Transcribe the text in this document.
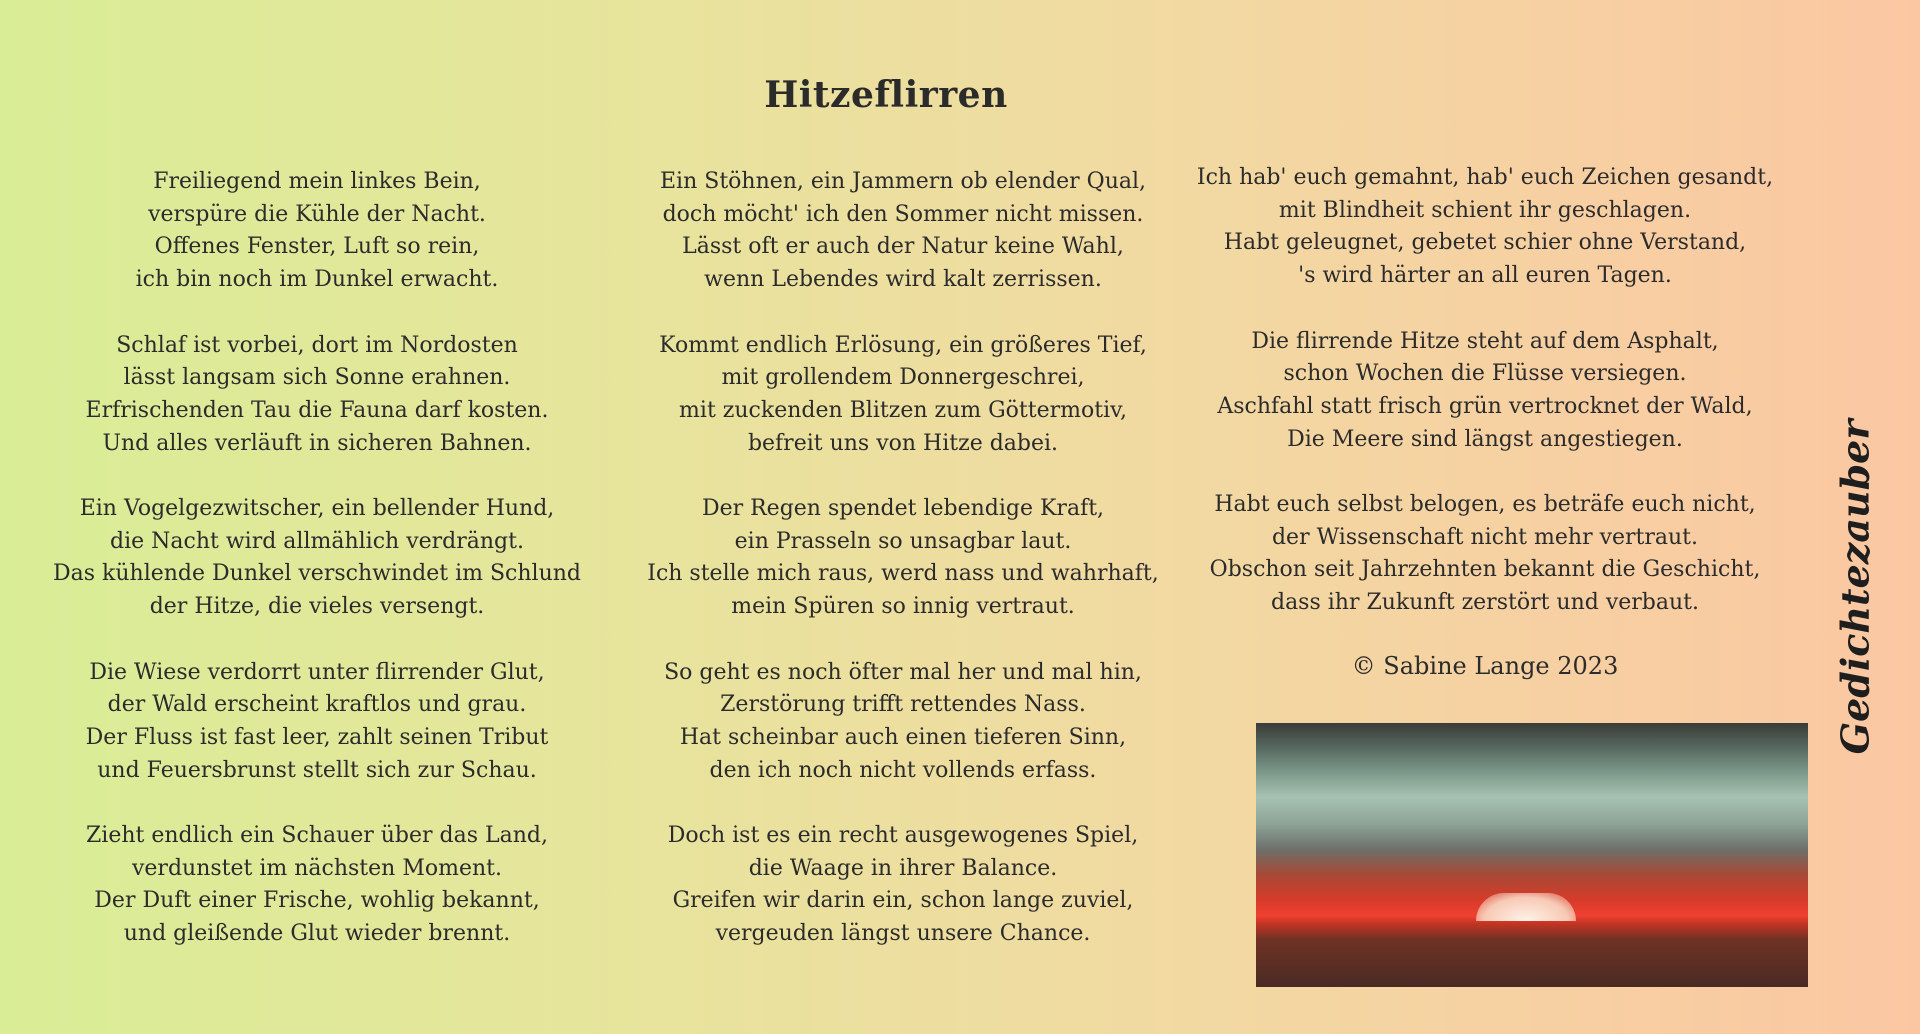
Hitzeflirren
Freiliegend mein linkes Bein,
verspüre die Kühle der Nacht.
Offenes Fenster, Luft so rein,
ich bin noch im Dunkel erwacht.
Schlaf ist vorbei, dort im Nordosten
lässt langsam sich Sonne erahnen.
Erfrischenden Tau die Fauna darf kosten.
Und alles verläuft in sicheren Bahnen.
Ein Vogelgezwitscher, ein bellender Hund,
die Nacht wird allmählich verdrängt.
Das kühlende Dunkel verschwindet im Schlund
der Hitze, die vieles versengt.
Die Wiese verdorrt unter flirrender Glut,
der Wald erscheint kraftlos und grau.
Der Fluss ist fast leer, zahlt seinen Tribut
und Feuersbrunst stellt sich zur Schau.
Zieht endlich ein Schauer über das Land,
verdunstet im nächsten Moment.
Der Duft einer Frische, wohlig bekannt,
und gleißende Glut wieder brennt.
Ein Stöhnen, ein Jammern ob elender Qual,
doch möcht' ich den Sommer nicht missen.
Lässt oft er auch der Natur keine Wahl,
wenn Lebendes wird kalt zerrissen.
Kommt endlich Erlösung, ein größeres Tief,
mit grollendem Donnergeschrei,
mit zuckenden Blitzen zum Göttermotiv,
befreit uns von Hitze dabei.
Der Regen spendet lebendige Kraft,
ein Prasseln so unsagbar laut.
Ich stelle mich raus, werd nass und wahrhaft,
mein Spüren so innig vertraut.
So geht es noch öfter mal her und mal hin,
Zerstörung trifft rettendes Nass.
Hat scheinbar auch einen tieferen Sinn,
den ich noch nicht vollends erfass.
Doch ist es ein recht ausgewogenes Spiel,
die Waage in ihrer Balance.
Greifen wir darin ein, schon lange zuviel,
vergeuden längst unsere Chance.
Ich hab' euch gemahnt, hab' euch Zeichen gesandt,
mit Blindheit schient ihr geschlagen.
Habt geleugnet, gebetet schier ohne Verstand,
's wird härter an all euren Tagen.
Die flirrende Hitze steht auf dem Asphalt,
schon Wochen die Flüsse versiegen.
Aschfahl statt frisch grün vertrocknet der Wald,
Die Meere sind längst angestiegen.
Habt euch selbst belogen, es beträfe euch nicht,
der Wissenschaft nicht mehr vertraut.
Obschon seit Jahrzehnten bekannt die Geschicht,
dass ihr Zukunft zerstört und verbaut.
© Sabine Lange 2023	Gedichtezauber
